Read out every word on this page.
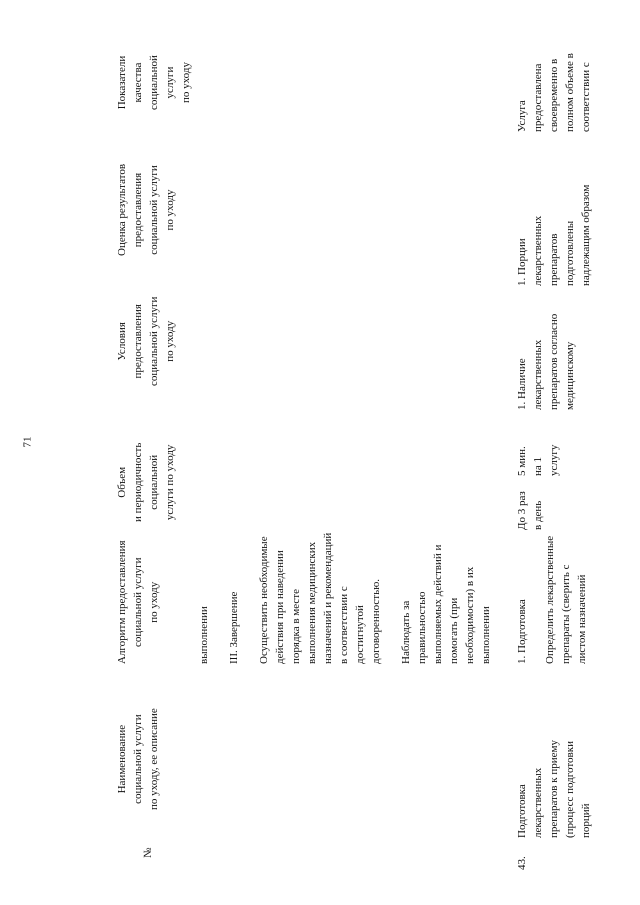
71
№
Наименование социальной услуги по уходу, ее описание
Алгоритм предоставления социальной услуги по уходу
Объем и периодичность социальной услуги по уходу
Условия предоставления социальной услуги по уходу
Оценка результатов предоставления социальной услуги по уходу
Показатели качества социальной услуги по уходу
выполнении III. Завершение Осуществить необходимые действия при наведении порядка в месте выполнения медицинских назначений и рекомендаций в соответствии с достигнутой договоренностью. Наблюдать за правильностью выполняемых действий и помогать (при необходимости) в их выполнении
43.
Подготовка лекарственных препаратов к приему (процесс подготовки порций
1. Подготовка Определить лекарственные препараты (сверить с листом назначений
До 3 раз в день
5 мин. на 1 услугу
1. Наличие лекарственных препаратов согласно медицинскому
1. Порции лекарственных препаратов подготовлены надлежащим образом
Услуга предоставлена своевременно в полном объеме в соответствии с
